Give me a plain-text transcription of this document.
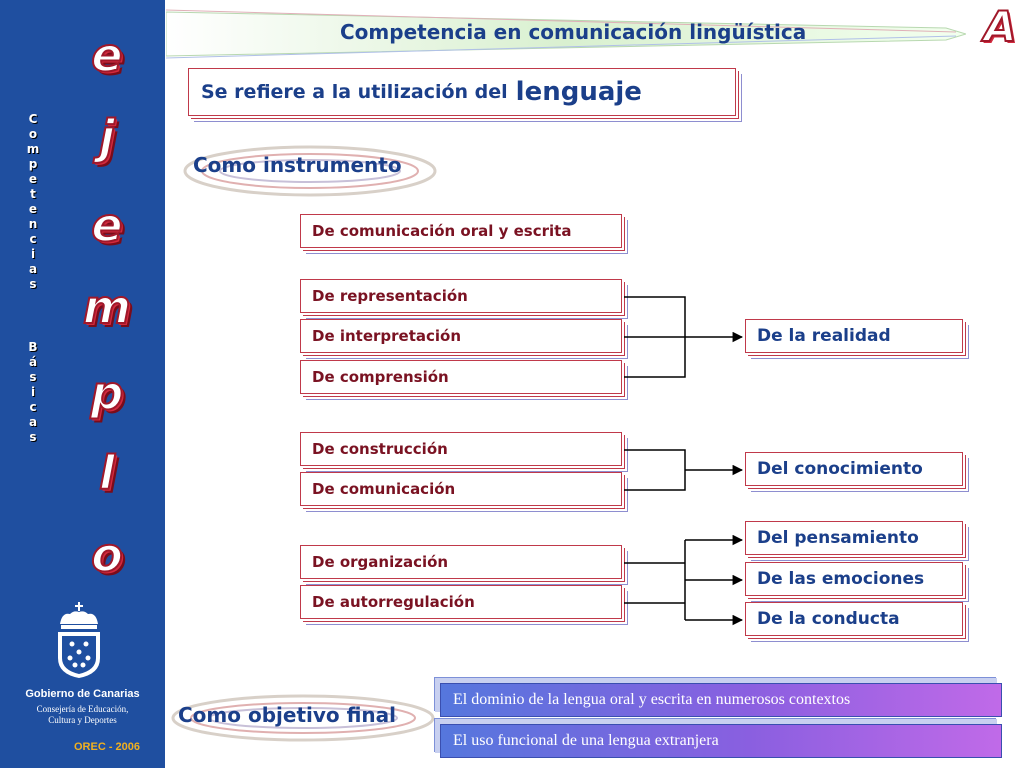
C
o
m
p
e
t
e
n
c
i
a
s
B
á
s
i
c
a
s
e
j
e
m
p
l
o
Gobierno de Canarias
Consejería de Educación,
Cultura y Deportes
OREC - 2006
Competencia en comunicación lingüística	A
Se refiere a la utilización del lenguaje
Como instrumento
De comunicación oral y escrita
De representación
De interpretación
De comprensión
De construcción
De comunicación
De organización
De autorregulación
De la realidad
Del conocimiento
Del pensamiento
De las emociones
De la conducta
Como objetivo final
El dominio de la lengua oral y escrita en numerosos contextos
El uso funcional de una lengua extranjera
